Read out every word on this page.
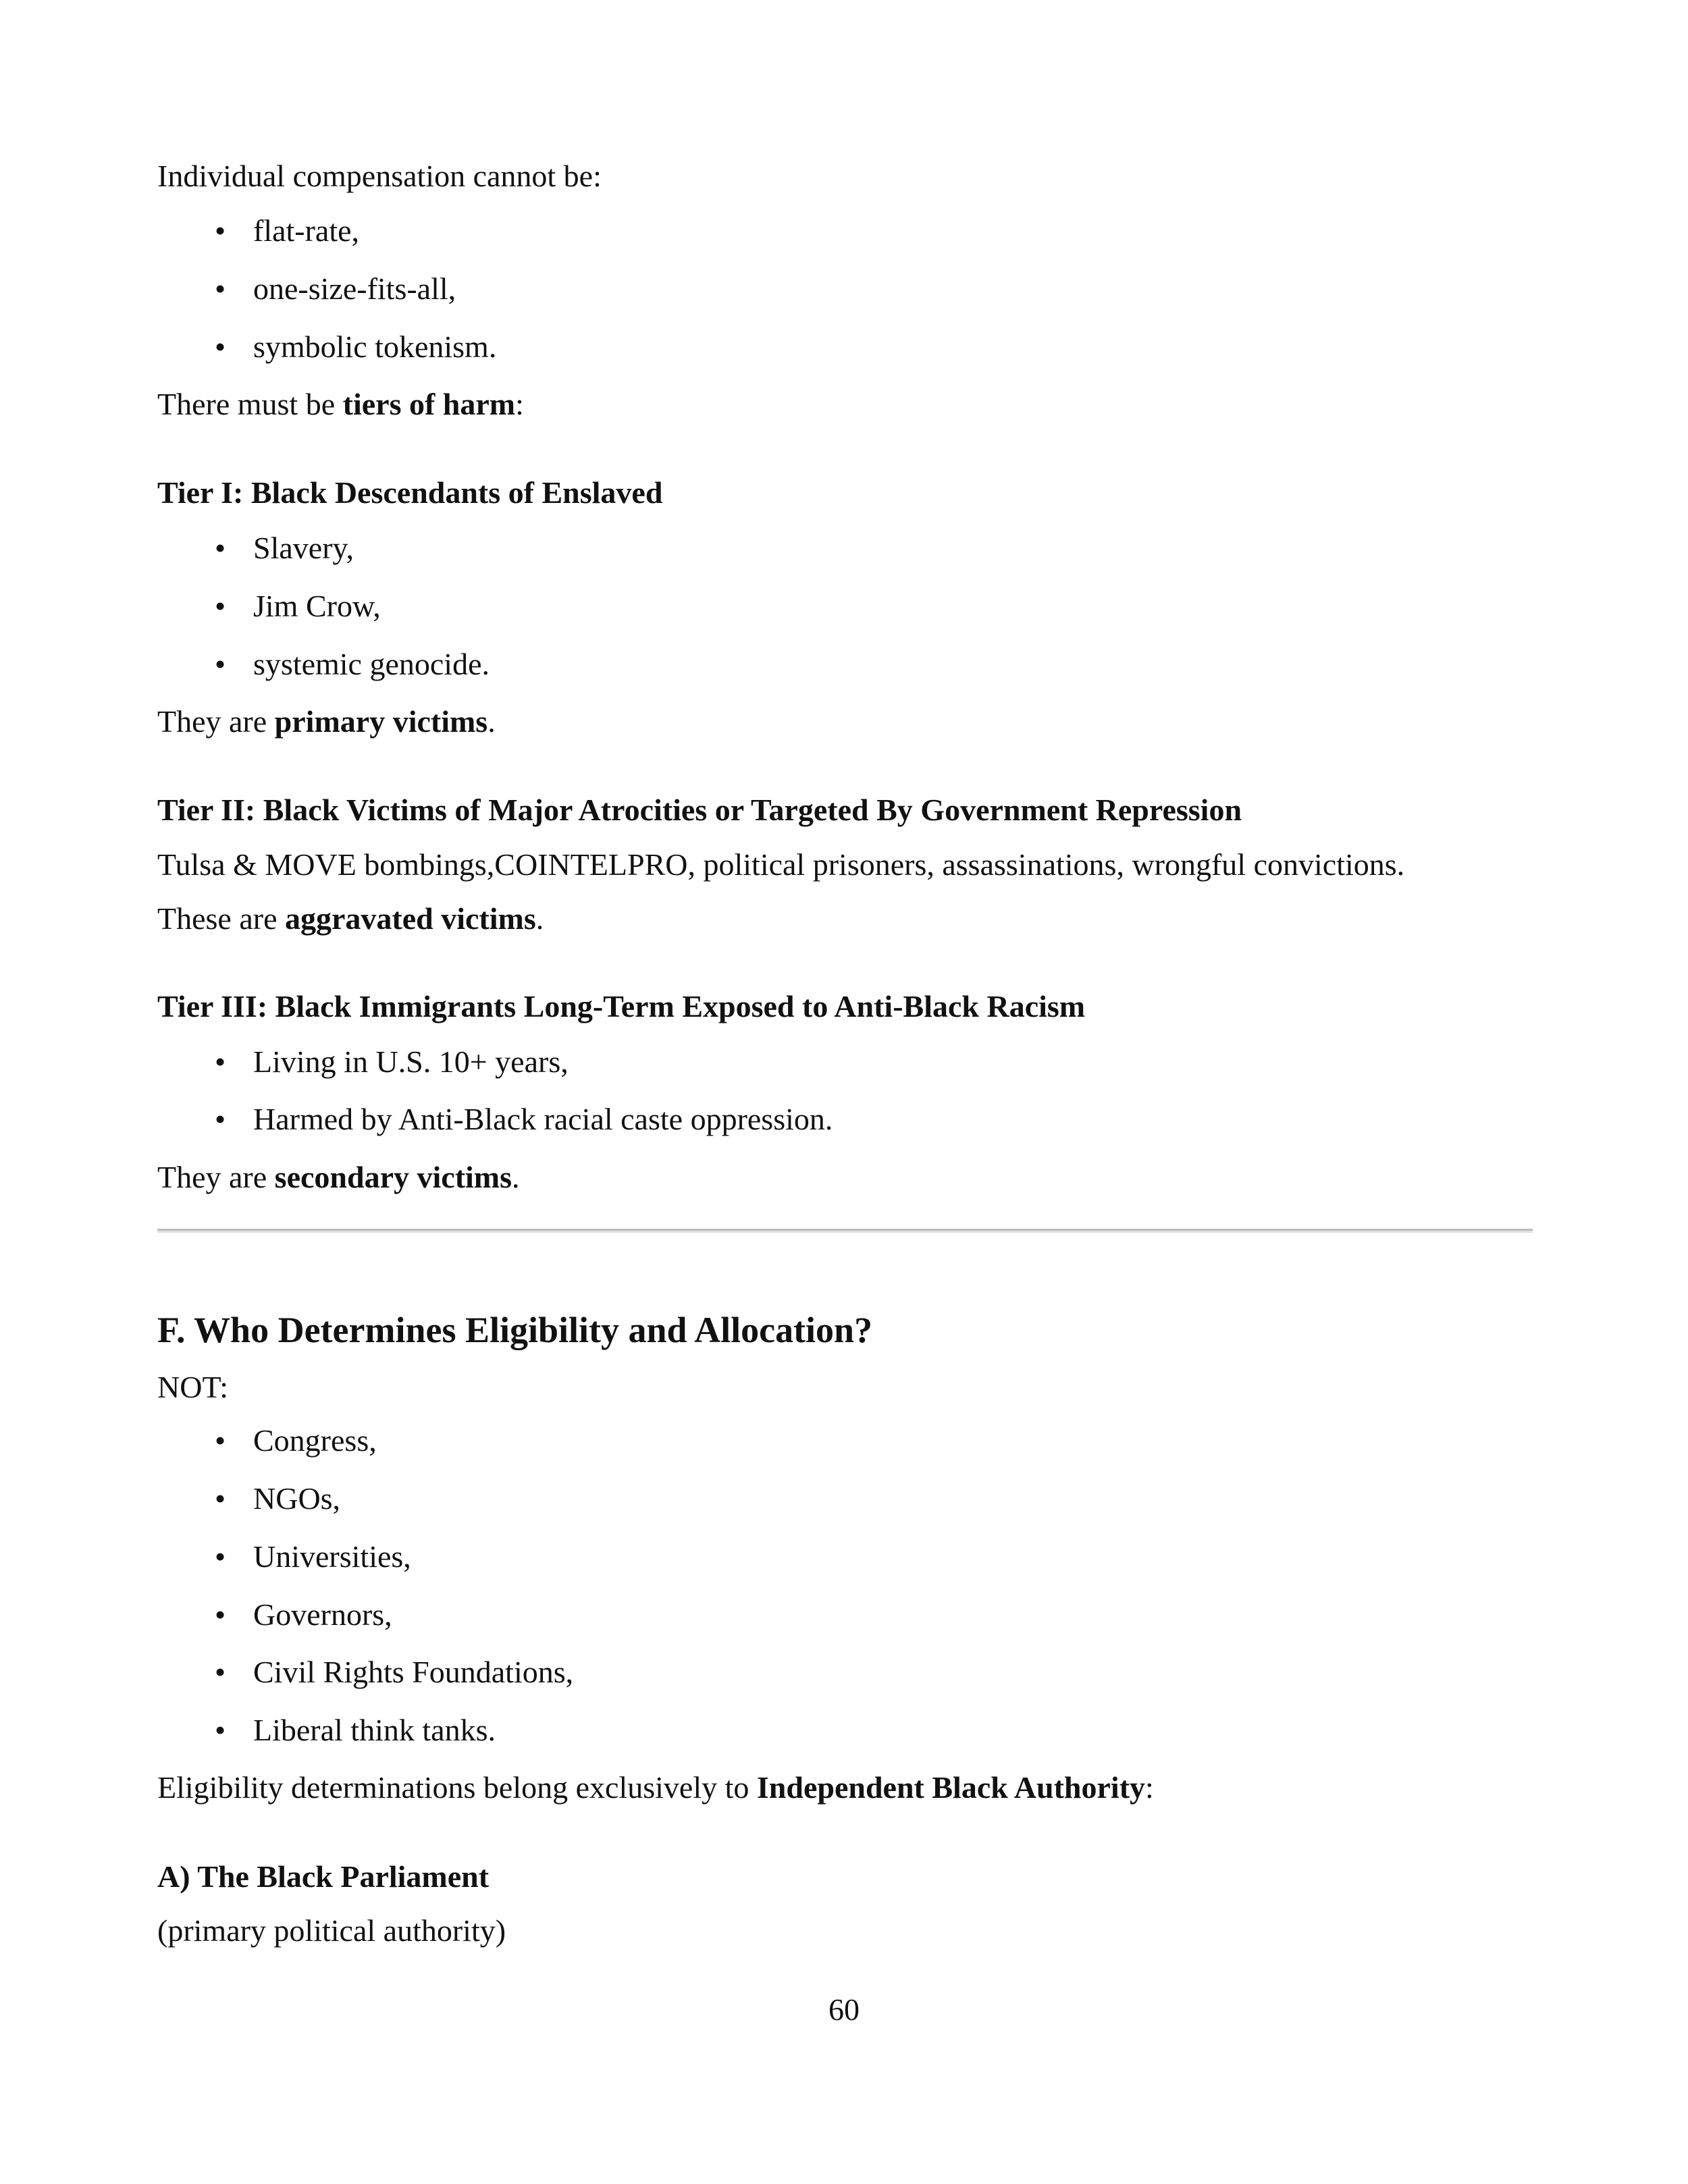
Individual compensation cannot be:
• flat-rate,
• one-size-fits-all,
• symbolic tokenism.
There must be tiers of harm:
Tier I: Black Descendants of Enslaved
• Slavery,
• Jim Crow,
• systemic genocide.
They are primary victims.
Tier II: Black Victims of Major Atrocities or Targeted By Government Repression
Tulsa & MOVE bombings,COINTELPRO, political prisoners, assassinations, wrongful convictions.
These are aggravated victims.
Tier III: Black Immigrants Long-Term Exposed to Anti-Black Racism
• Living in U.S. 10+ years,
• Harmed by Anti-Black racial caste oppression.
They are secondary victims.
F. Who Determines Eligibility and Allocation?
NOT:
• Congress,
• NGOs,
• Universities,
• Governors,
• Civil Rights Foundations,
• Liberal think tanks.
Eligibility determinations belong exclusively to Independent Black Authority:
A) The Black Parliament
(primary political authority)
60
